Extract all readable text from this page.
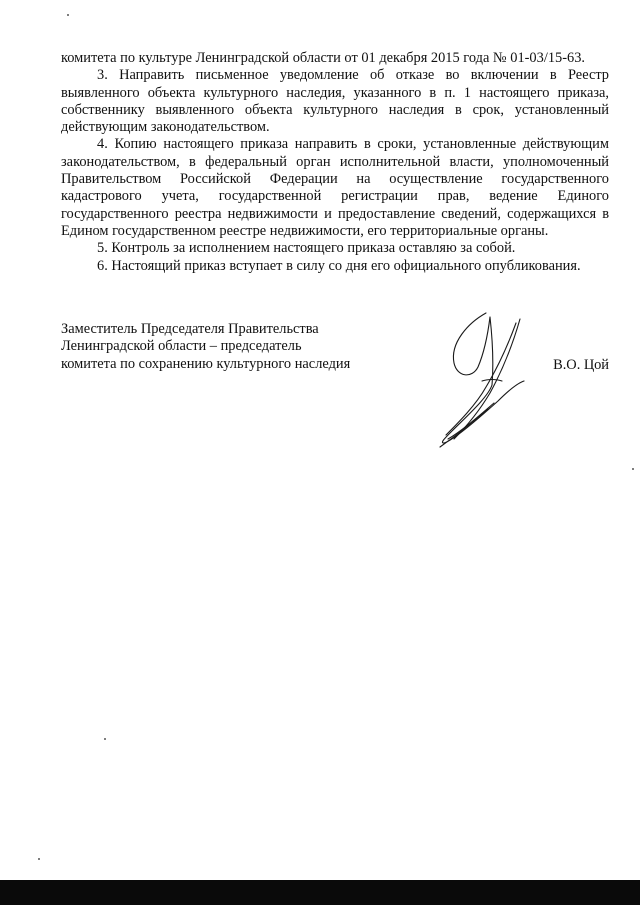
комитета по культуре Ленинградской области от 01 декабря 2015 года № 01-03/15-63.

3. Направить письменное уведомление об отказе во включении в Реестр выявленного объекта культурного наследия, указанного в п. 1 настоящего приказа, собственнику выявленного объекта культурного наследия в срок, установленный действующим законодательством.

4. Копию настоящего приказа направить в сроки, установленные действующим законодательством, в федеральный орган исполнительной власти, уполномоченный Правительством Российской Федерации на осуществление государственного кадастрового учета, государственной регистрации прав, ведение Единого государственного реестра недвижимости и предоставление сведений, содержащихся в Едином государственном реестре недвижимости, его территориальные органы.

5. Контроль за исполнением настоящего приказа оставляю за собой.

6. Настоящий приказ вступает в силу со дня его официального опубликования.

Заместитель Председателя Правительства
Ленинградской области – председатель
комитета по сохранению культурного наследия	В.О. Цой
